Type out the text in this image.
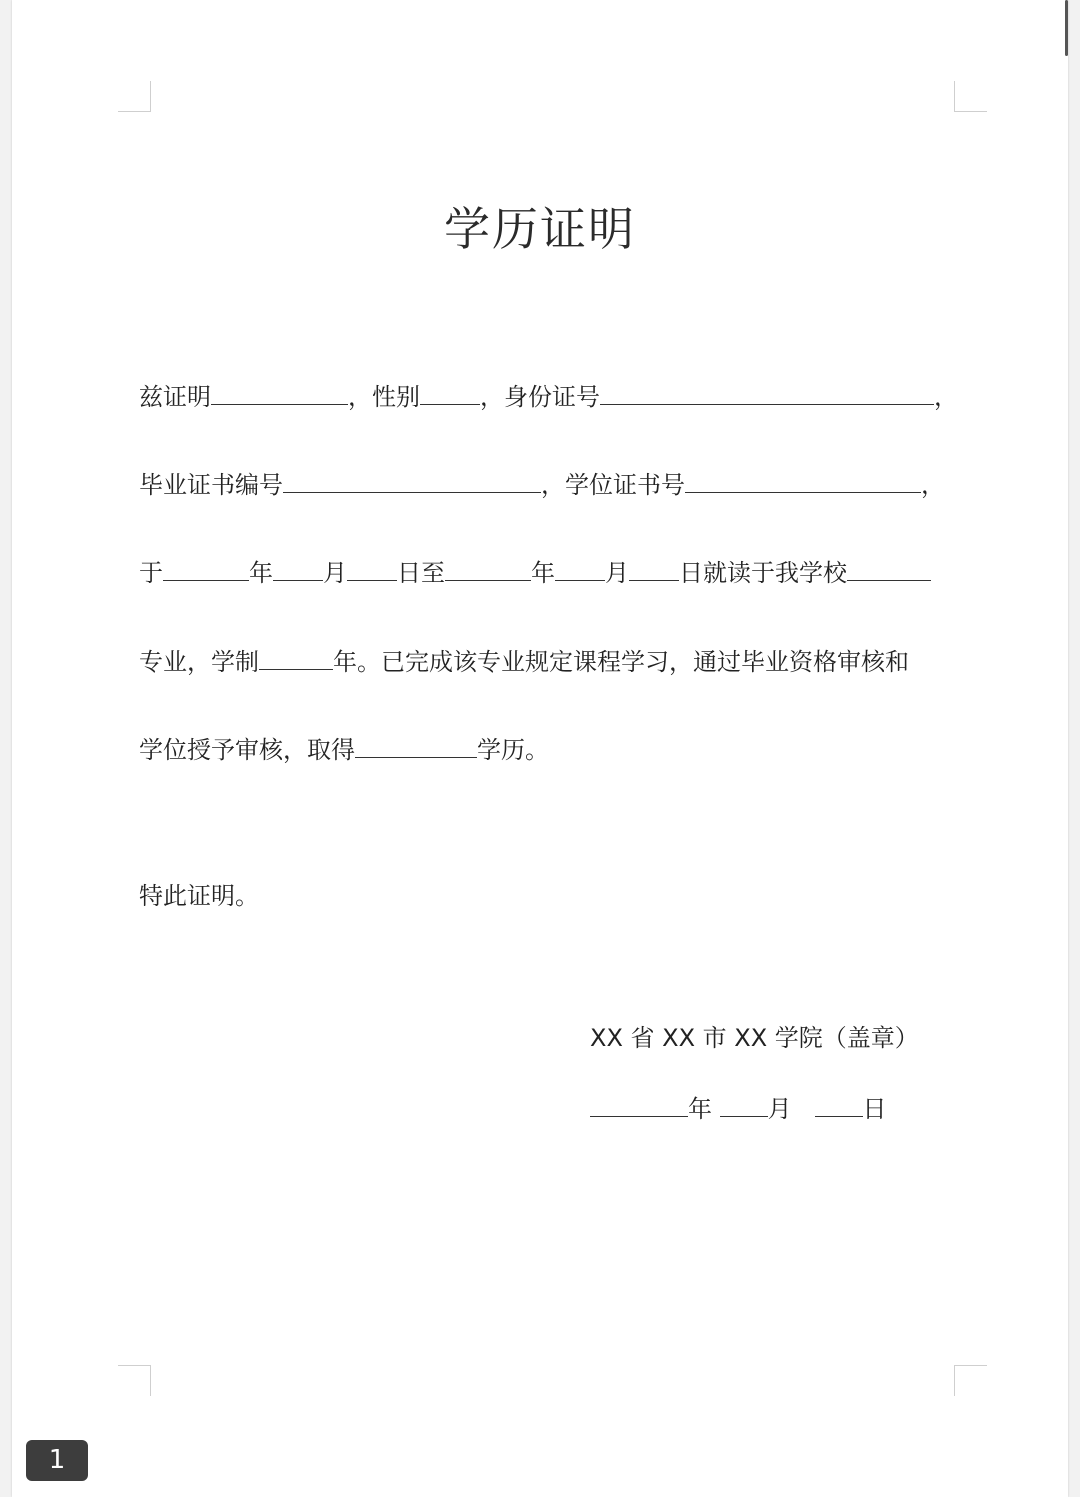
学历证明
兹证明	，性别	，身份证号	，
毕业证书编号	，学位证书号	，
于	年 月 日至	年 月 日就读于我学校
专业，学制	年。已完成该专业规定课程学习，通过毕业资格审核和
学位授予审核，取得	学历。
特此证明。
XX 省 XX 市 XX 学院（盖章）
年 月	日
1
